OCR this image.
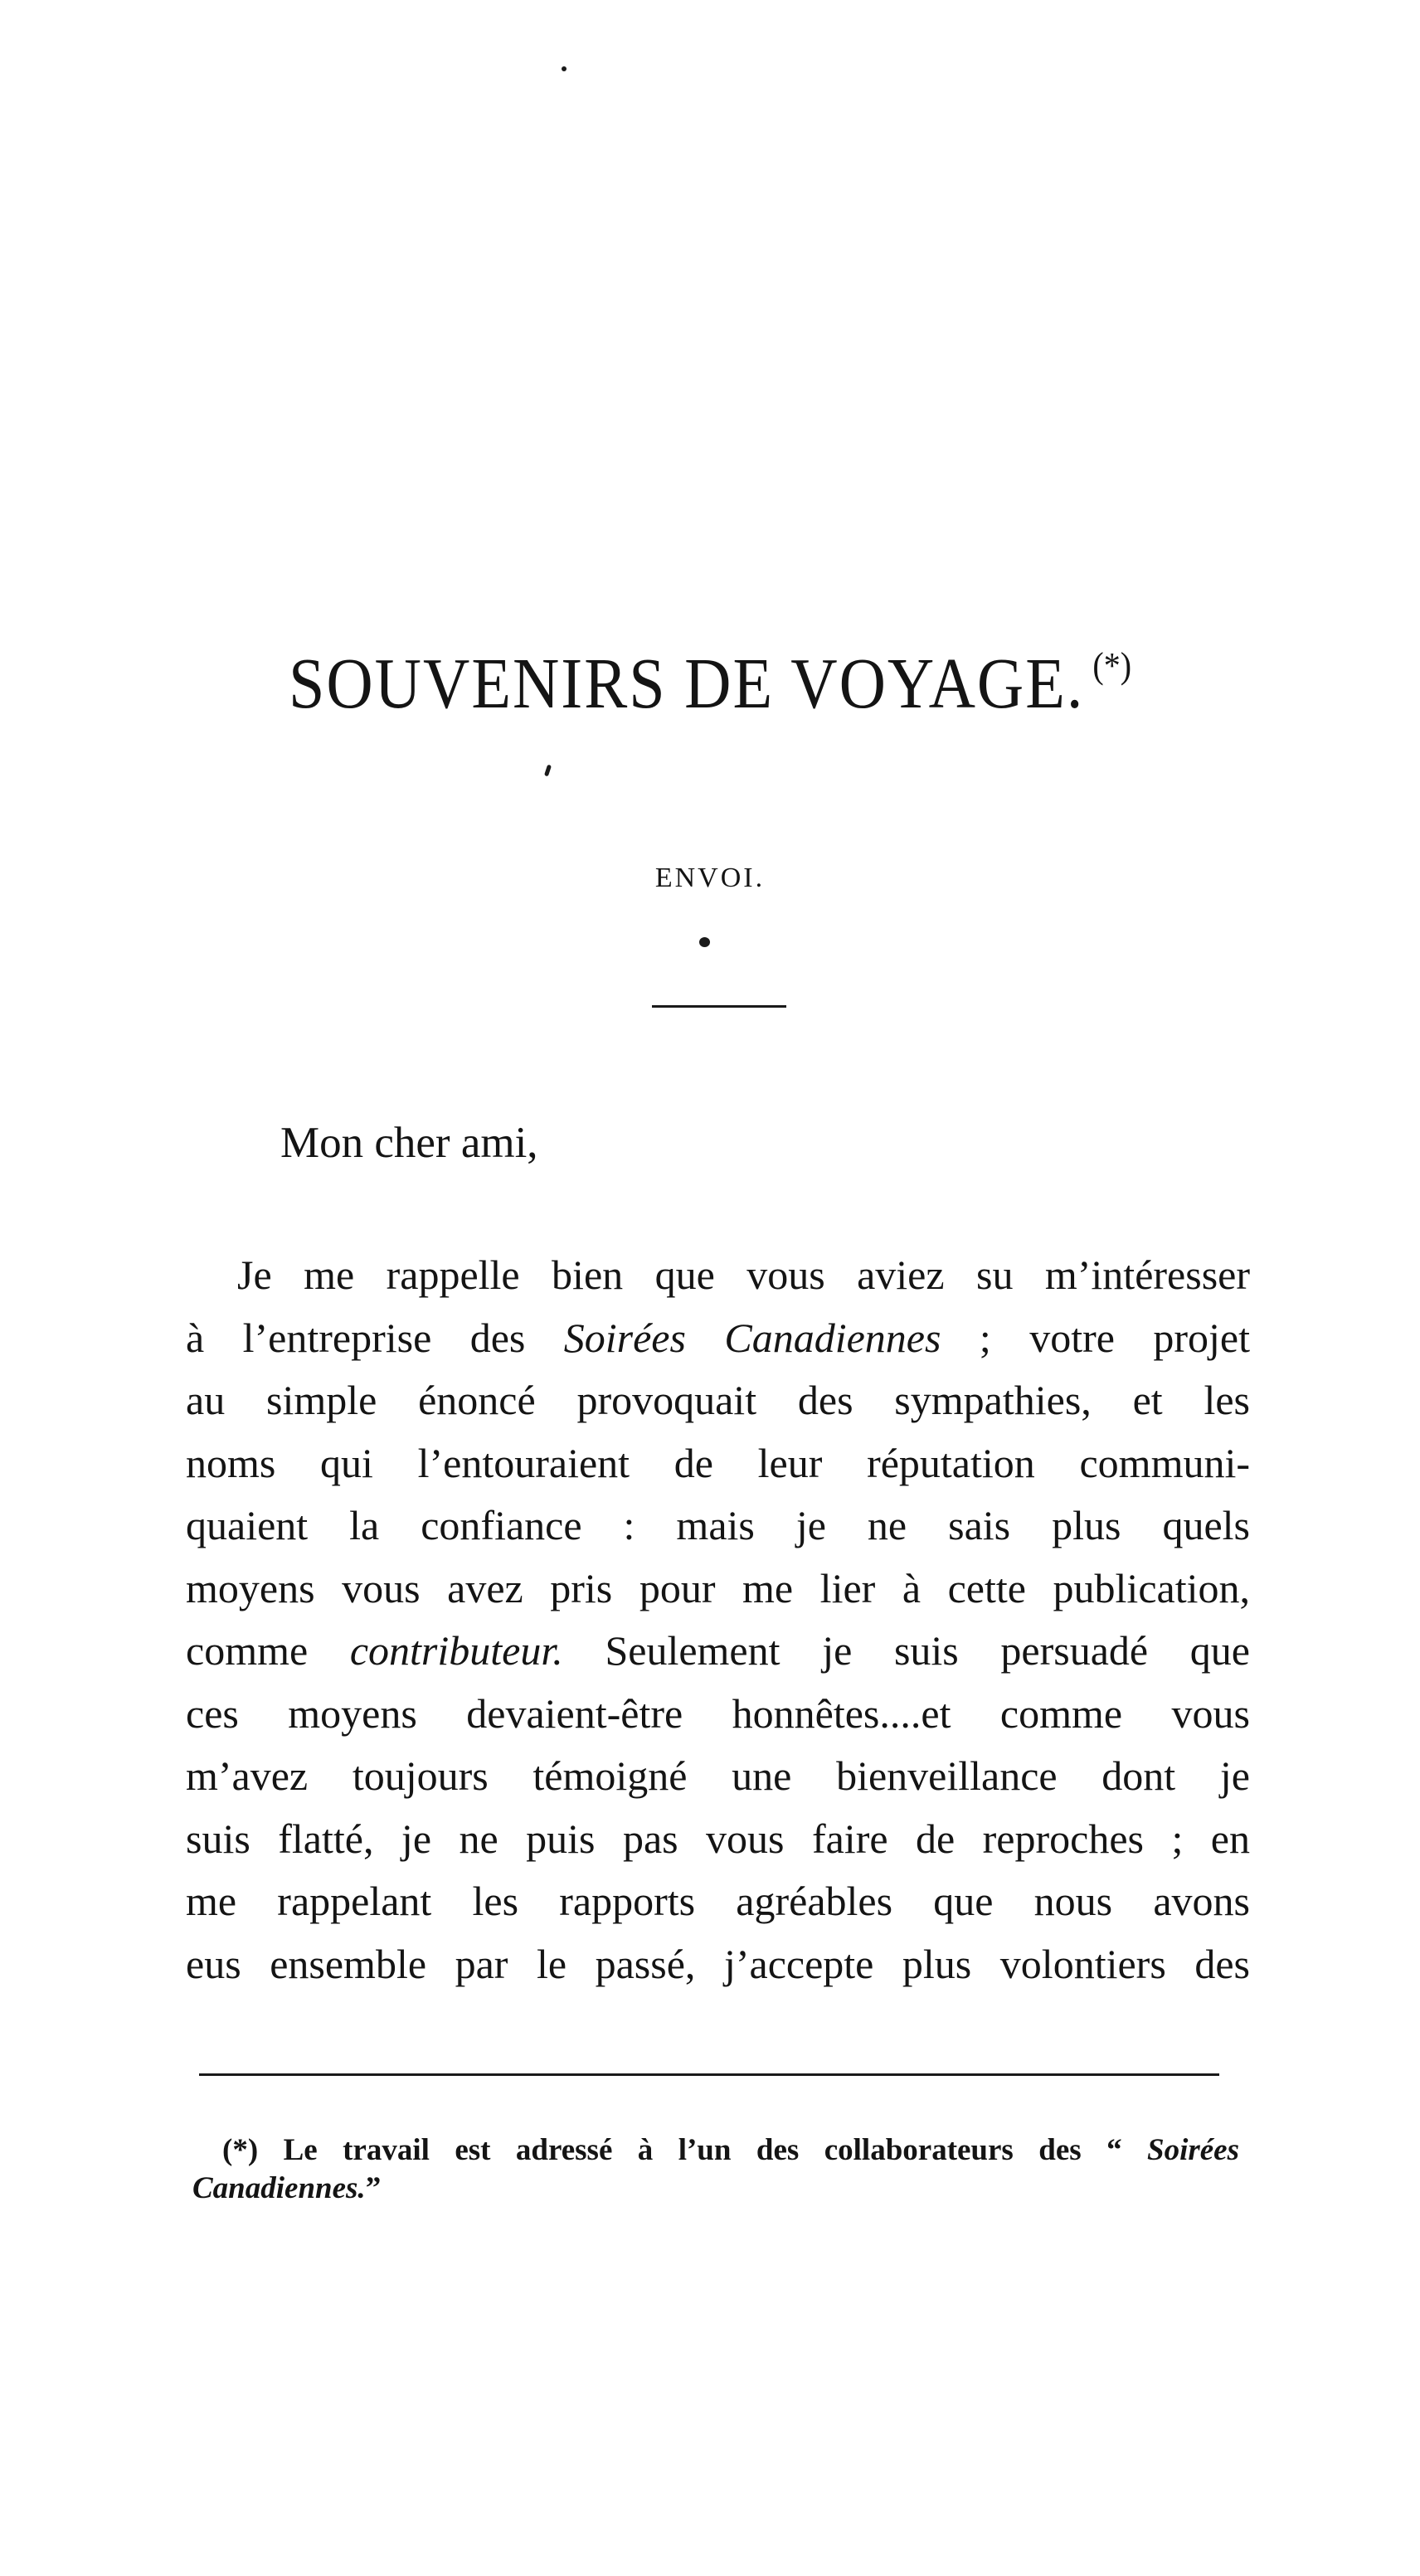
SOUVENIRS DE VOYAGE. (*)
ENVOI.
Mon cher ami,
Je me rappelle bien que vous aviez su m’intéresser
à l’entreprise des Soirées Canadiennes ; votre projet
au simple énoncé provoquait des sympathies, et les
noms qui l’entouraient de leur réputation communi-
quaient la confiance : mais je ne sais plus quels
moyens vous avez pris pour me lier à cette publication,
comme contributeur. Seulement je suis persuadé que
ces moyens devaient-être honnêtes....et comme vous
m’avez toujours témoigné une bienveillance dont je
suis flatté, je ne puis pas vous faire de reproches ; en
me rappelant les rapports agréables que nous avons
eus ensemble par le passé, j’accepte plus volontiers des
(*) Le travail est adressé à l’un des collaborateurs des “ Soirées
Canadiennes.”
